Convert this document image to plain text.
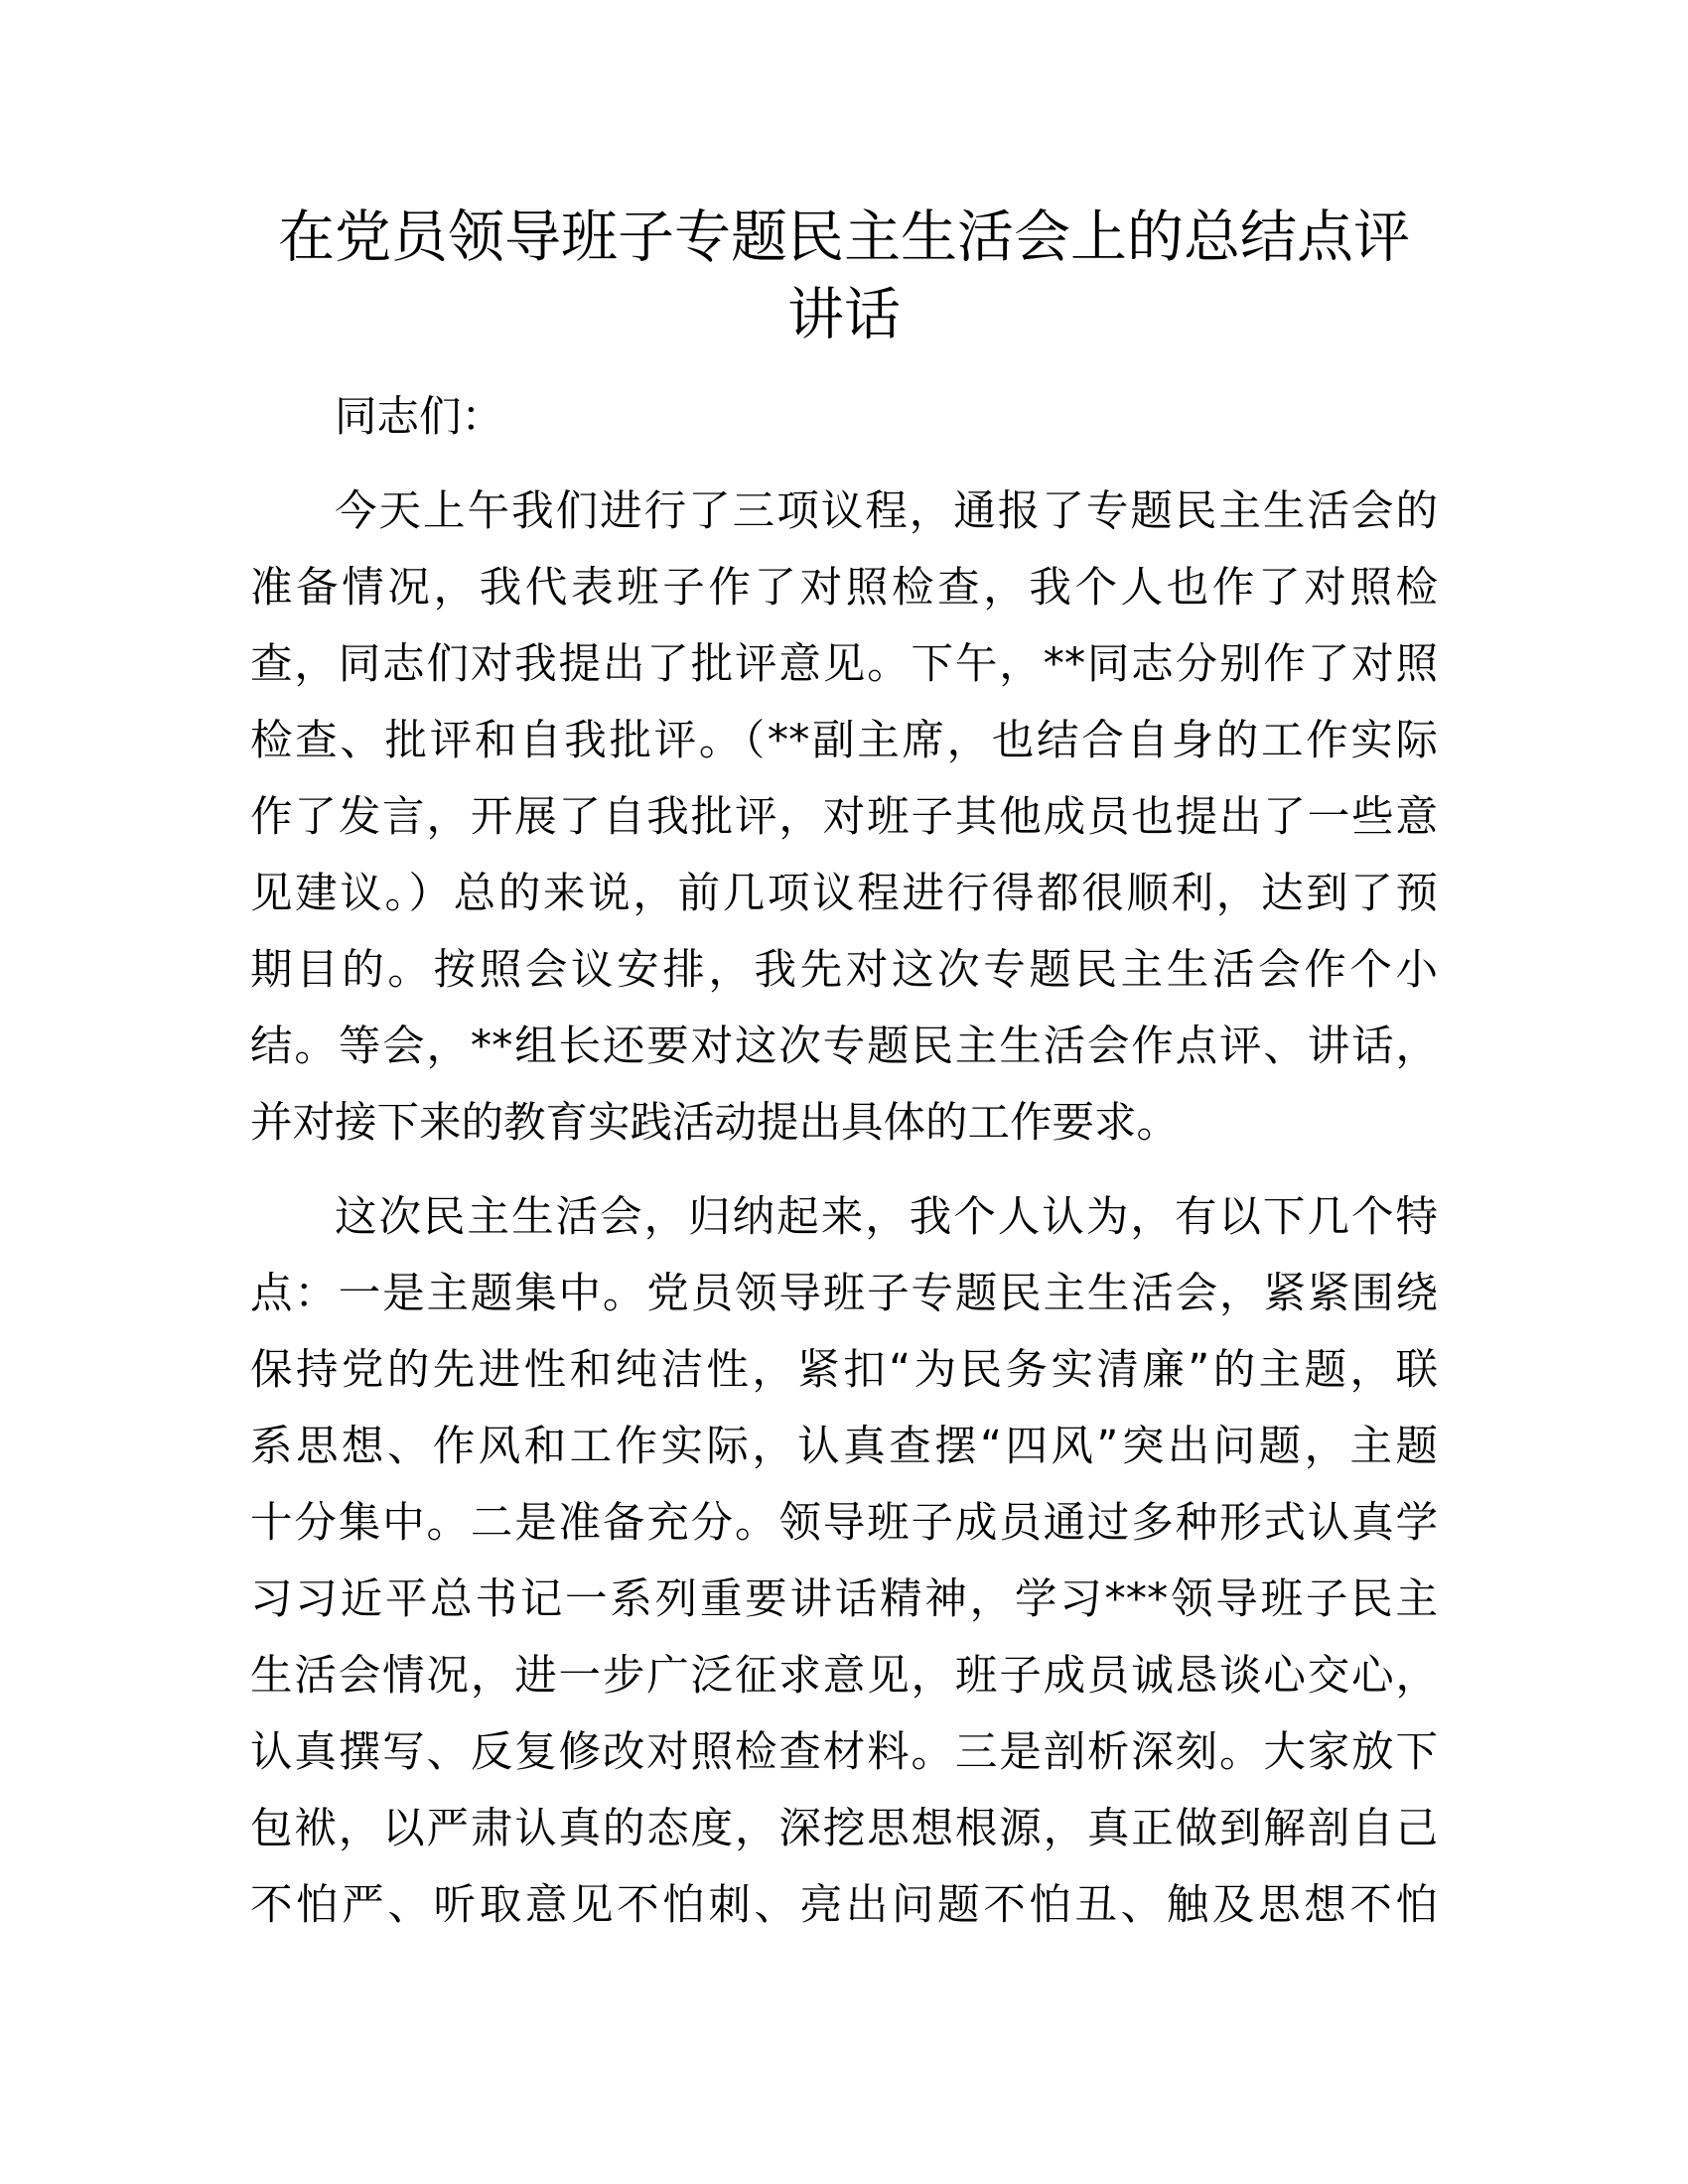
在党员领导班子专题民主生活会上的总结点评
讲话
同志们：
今天上午我们进行了三项议程，通报了专题民主生活会的
准备情况，我代表班子作了对照检查，我个人也作了对照检
查，同志们对我提出了批评意见。下午，**同志分别作了对照
检查、批评和自我批评。（**副主席，也结合自身的工作实际
作了发言，开展了自我批评，对班子其他成员也提出了一些意
见建议。）总的来说，前几项议程进行得都很顺利，达到了预
期目的。按照会议安排，我先对这次专题民主生活会作个小
结。等会，**组长还要对这次专题民主生活会作点评、讲话，
并对接下来的教育实践活动提出具体的工作要求。
这次民主生活会，归纳起来，我个人认为，有以下几个特
点：一是主题集中。党员领导班子专题民主生活会，紧紧围绕
保持党的先进性和纯洁性，紧扣“为民务实清廉”的主题，联
系思想、作风和工作实际，认真查摆“四风”突出问题，主题
十分集中。二是准备充分。领导班子成员通过多种形式认真学
习习近平总书记一系列重要讲话精神，学习***领导班子民主
生活会情况，进一步广泛征求意见，班子成员诚恳谈心交心，
认真撰写、反复修改对照检查材料。三是剖析深刻。大家放下
包袱，以严肃认真的态度，深挖思想根源，真正做到解剖自己
不怕严、听取意见不怕刺、亮出问题不怕丑、触及思想不怕
